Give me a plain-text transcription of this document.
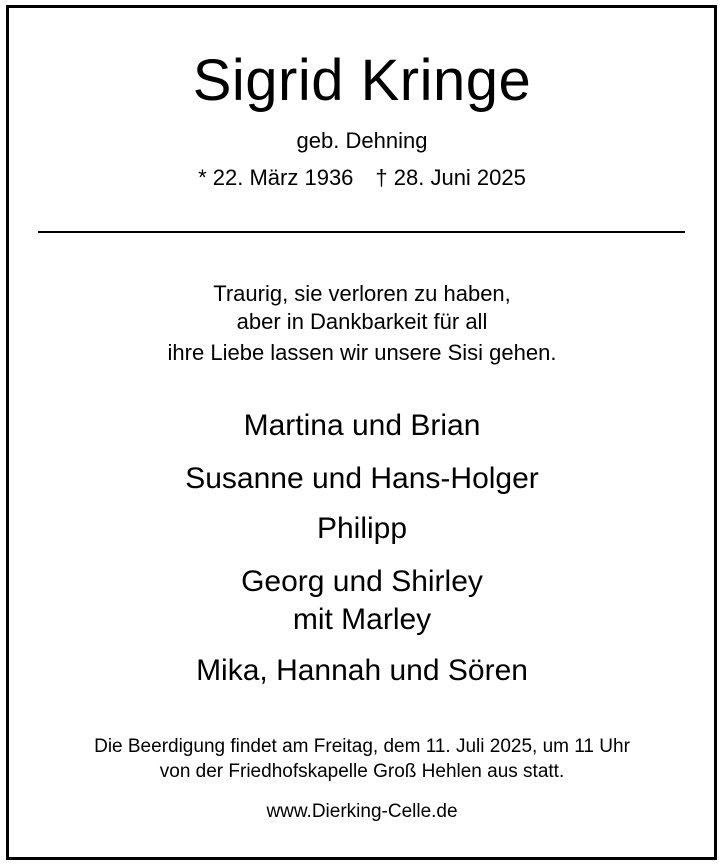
Sigrid Kringe
geb. Dehning
* 22. März 1936 † 28. Juni 2025
Traurig, sie verloren zu haben,
aber in Dankbarkeit für all
ihre Liebe lassen wir unsere Sisi gehen.
Martina und Brian
Susanne und Hans-Holger
Philipp
Georg und Shirley
mit Marley
Mika, Hannah und Sören
Die Beerdigung findet am Freitag, dem 11. Juli 2025, um 11 Uhr
von der Friedhofskapelle Groß Hehlen aus statt.
www.Dierking-Celle.de
